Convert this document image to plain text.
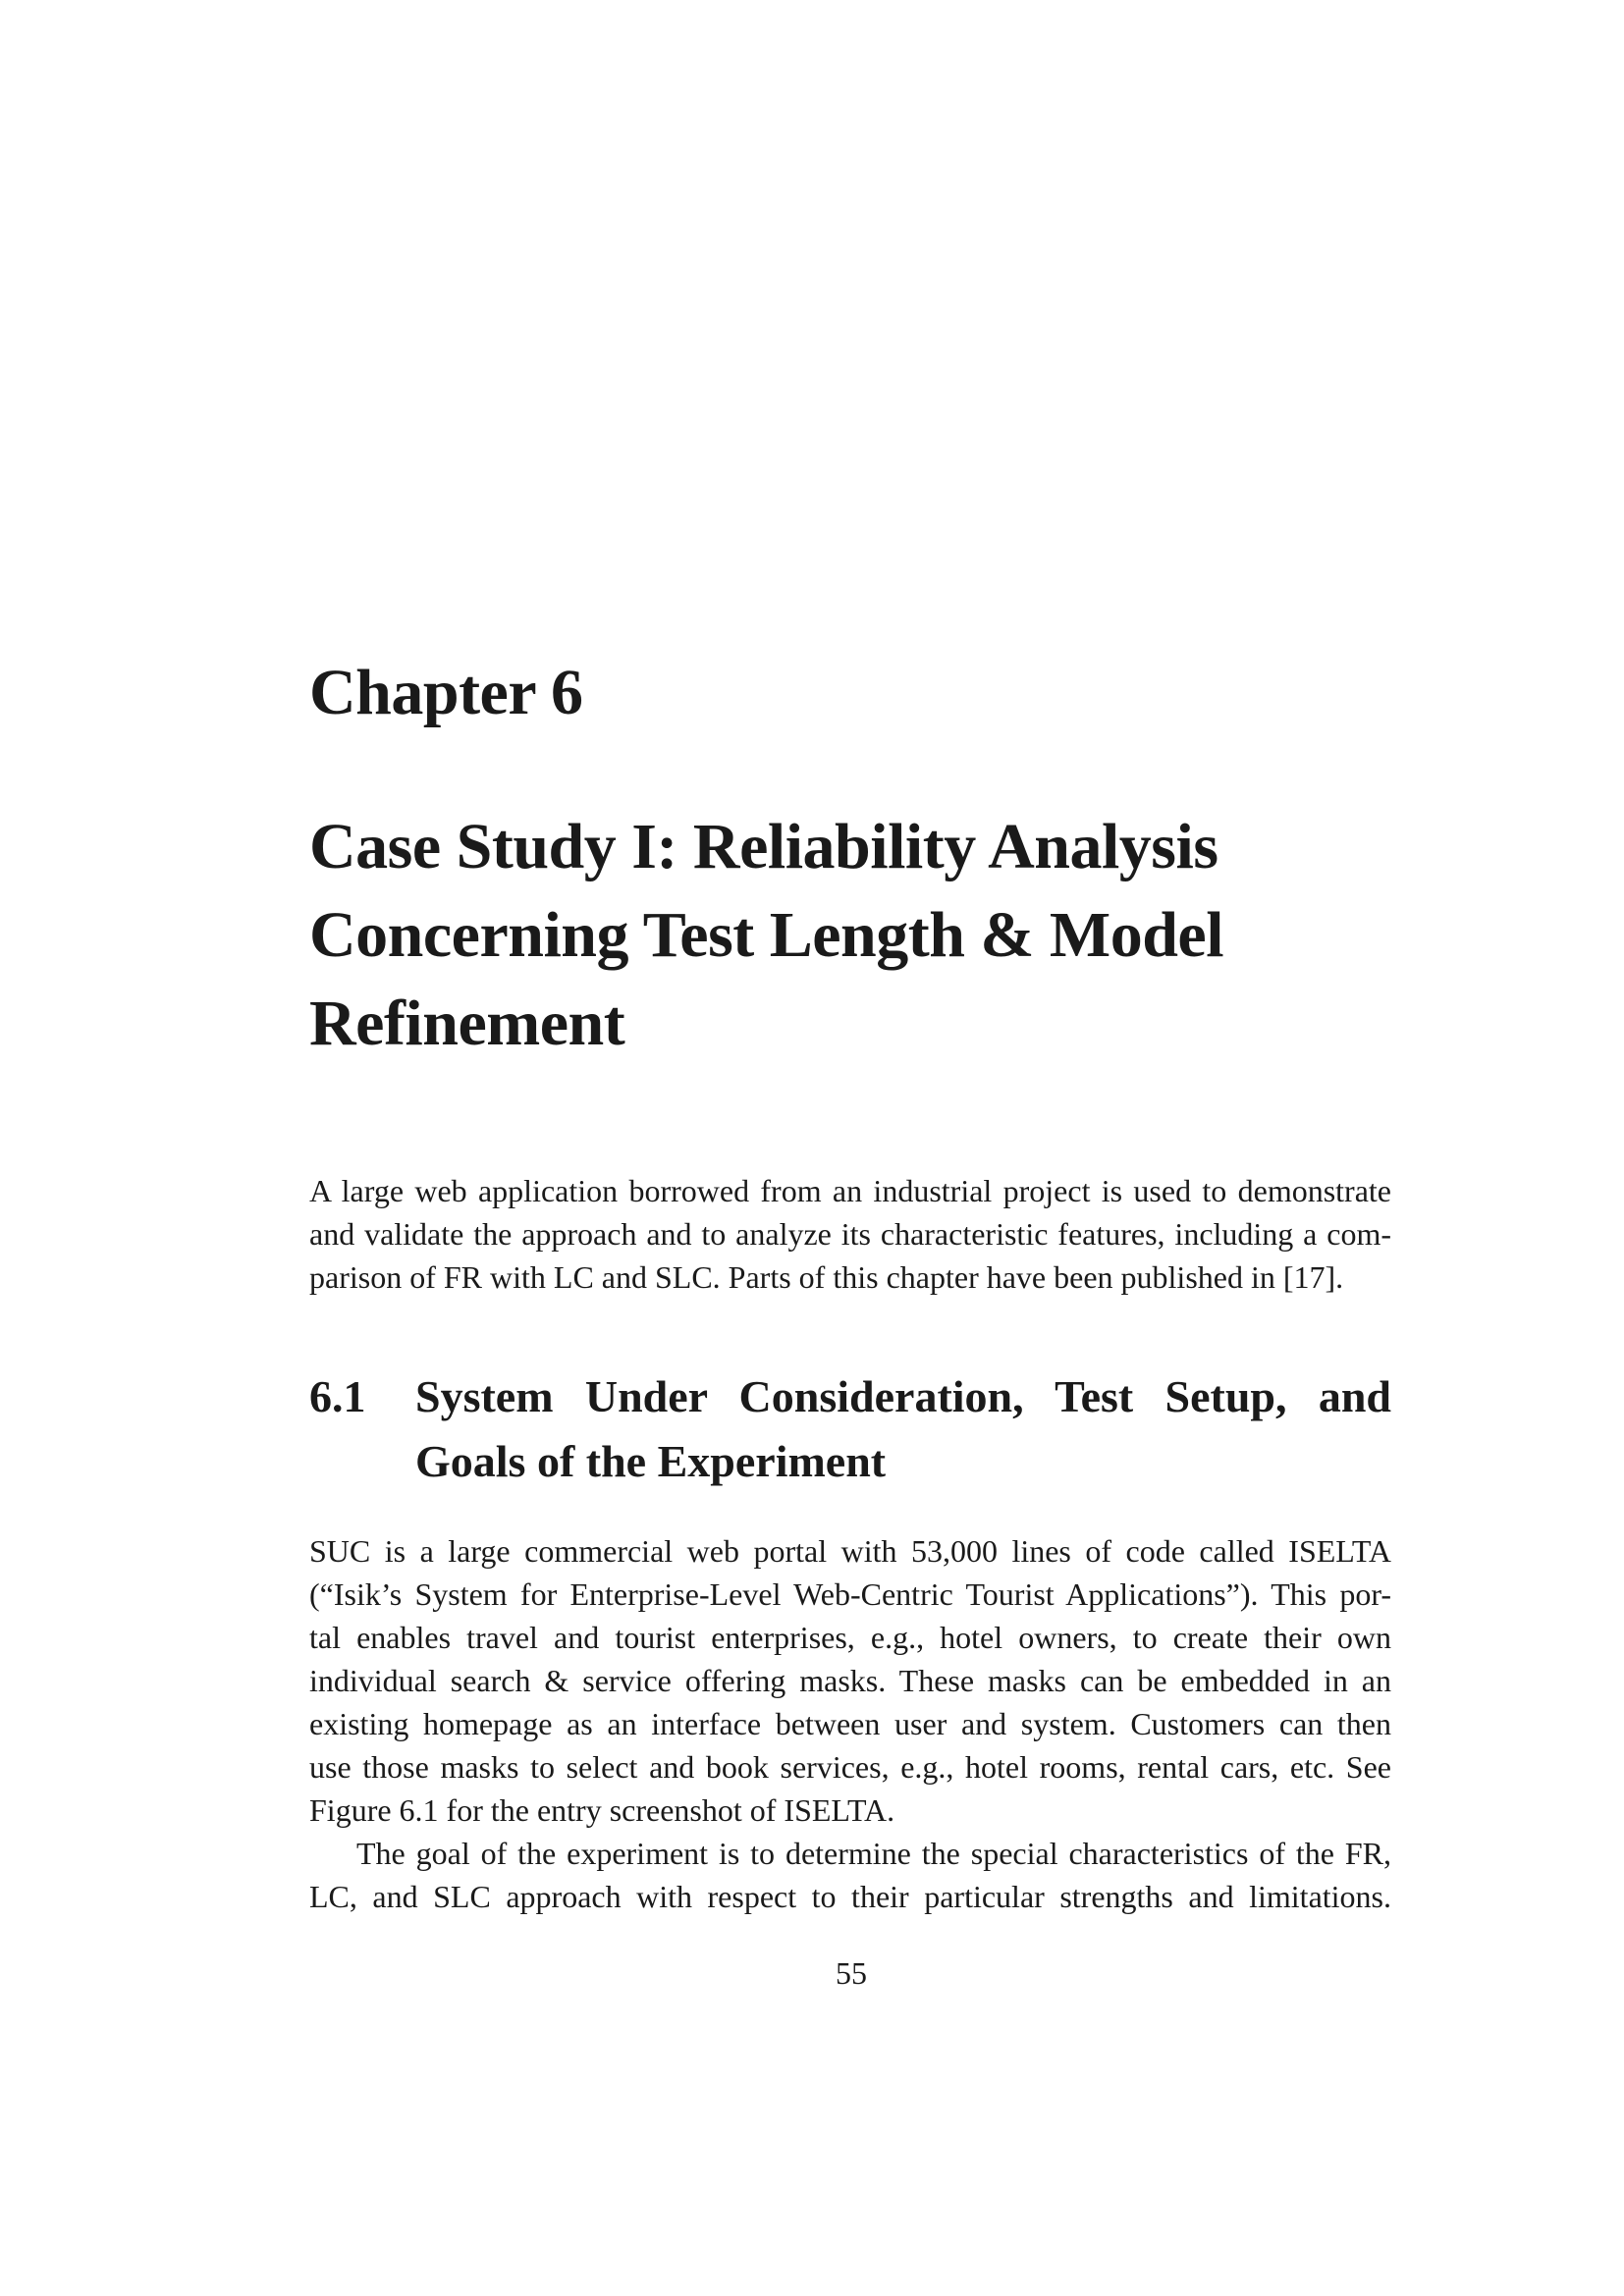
Chapter 6
Case Study I: Reliability Analysis
Concerning Test Length & Model
Refinement

A large web application borrowed from an industrial project is used to demonstrate
and validate the approach and to analyze its characteristic features, including a com-
parison of FR with LC and SLC. Parts of this chapter have been published in [17].

6.1 System Under Consideration, Test Setup, and
Goals of the Experiment

SUC is a large commercial web portal with 53,000 lines of code called ISELTA
(“Isik’s System for Enterprise-Level Web-Centric Tourist Applications”). This por-
tal enables travel and tourist enterprises, e.g., hotel owners, to create their own
individual search & service offering masks. These masks can be embedded in an
existing homepage as an interface between user and system. Customers can then
use those masks to select and book services, e.g., hotel rooms, rental cars, etc. See
Figure 6.1 for the entry screenshot of ISELTA.

The goal of the experiment is to determine the special characteristics of the FR,
LC, and SLC approach with respect to their particular strengths and limitations.

55
